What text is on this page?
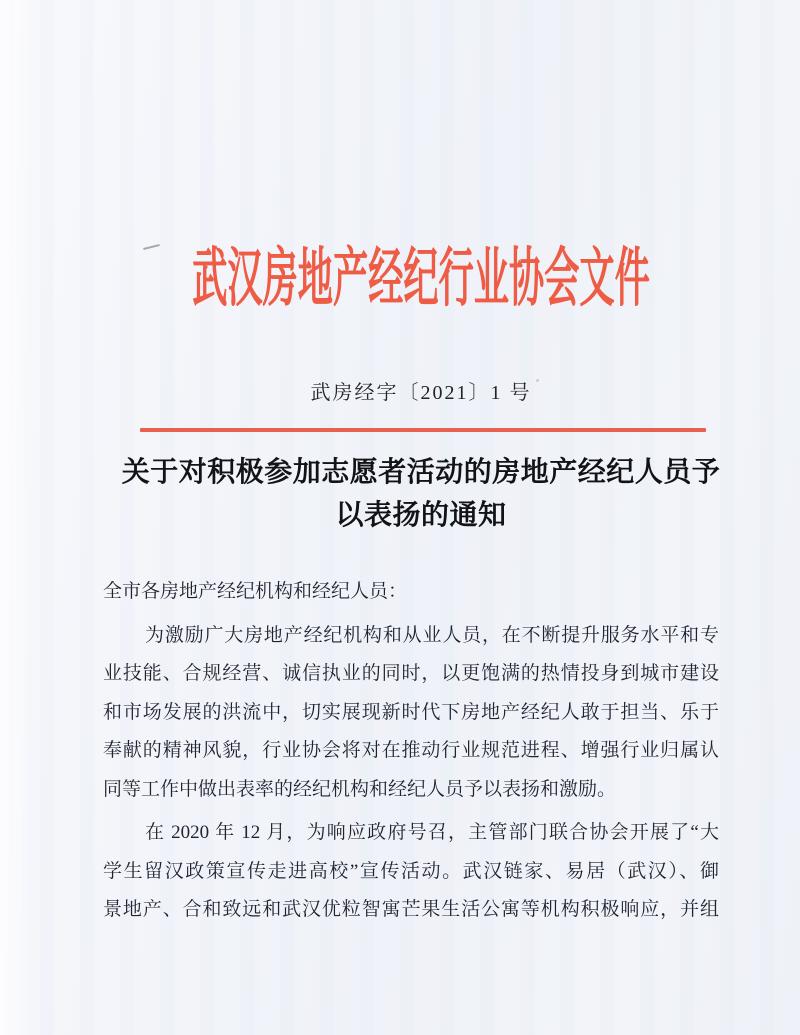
武汉房地产经纪行业协会文件
武房经字〔2021〕1 号
关于对积极参加志愿者活动的房地产经纪人员予
以表扬的通知

全市各房地产经纪机构和经纪人员：

为激励广大房地产经纪机构和从业人员，在不断提升服务水平和专
业技能、合规经营、诚信执业的同时，以更饱满的热情投身到城市建设
和市场发展的洪流中，切实展现新时代下房地产经纪人敢于担当、乐于
奉献的精神风貌，行业协会将对在推动行业规范进程、增强行业归属认
同等工作中做出表率的经纪机构和经纪人员予以表扬和激励。

在 2020 年 12 月，为响应政府号召，主管部门联合协会开展了“大
学生留汉政策宣传走进高校”宣传活动。武汉链家、易居（武汉）、御
景地产、合和致远和武汉优粒智寓芒果生活公寓等机构积极响应，并组
